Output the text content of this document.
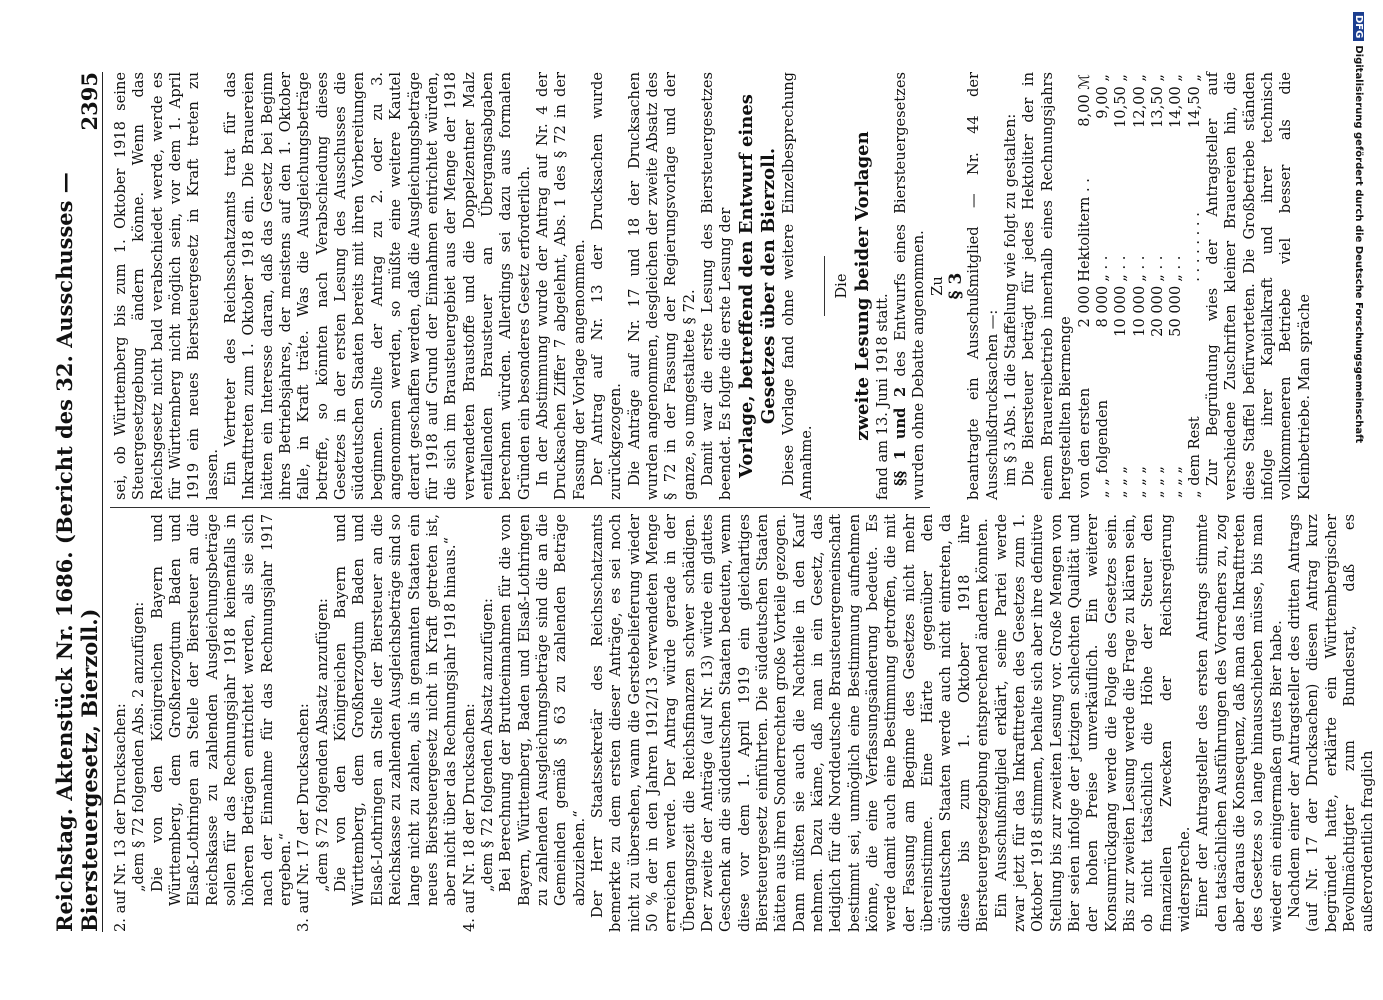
Reichstag. Aktenstück Nr. 1686. (Bericht des 32. Ausschusses — Biersteuergesetz, Bierzoll.)
2395

2. auf Nr. 13 der Drucksachen: „dem § 72 folgenden Abs. 2 anzufügen: Die von den Königreichen Bayern und Württemberg, dem Großherzogtum Baden und Elsaß-Lothringen an Stelle der Biersteuer an die Reichskasse zu zahlenden Ausgleichungsbeträge sollen für das Rechnungsjahr 1918 keinenfalls in höheren Beträgen entrichtet werden, als sie sich nach der Einnahme für das Rechnungsjahr 1917 ergeben.“ 3. auf Nr. 17 der Drucksachen: „dem § 72 folgenden Absatz anzufügen: Die von den Königreichen Bayern und Württemberg, dem Großherzogtum Baden und Elsaß-Lothringen an Stelle der Biersteuer an die Reichskasse zu zahlenden Ausgleichsbeträge sind so lange nicht zu zahlen, als in genannten Staaten ein neues Biersteuergesetz nicht in Kraft getreten ist, aber nicht über das Rechnungsjahr 1918 hinaus.“ 4. auf Nr. 18 der Drucksachen: „dem § 72 folgenden Absatz anzufügen: Bei Berechnung der Bruttoeinnahmen für die von Bayern, Württemberg, Baden und Elsaß-Lothringen zu zahlenden Ausgleichungsbeträge sind die an die Gemeinden gemäß § 63 zu zahlenden Beträge abzuziehen.“ Der Herr Staatssekretär des Reichsschatzamts bemerkte zu dem ersten dieser Anträge, es sei noch nicht zu übersehen, wann die Gerstebelieferung wieder 50 % der in den Jahren 1912/13 verwendeten Menge erreichen werde. Der Antrag würde gerade in der Übergangszeit die Reichsfinanzen schwer schädigen. Der zweite der Anträge (auf Nr. 13) würde ein glattes Geschenk an die süddeutschen Staaten bedeuten, wenn diese vor dem 1. April 1919 ein gleichartiges Biersteuergesetz einführten. Die süddeutschen Staaten hätten aus ihren Sonderrechten große Vorteile gezogen. Dann müßten sie auch die Nachteile in den Kauf nehmen. Dazu käme, daß man in ein Gesetz, das lediglich für die Norddeutsche Brausteuergemeinschaft bestimmt sei, unmöglich eine Bestimmung aufnehmen könne, die eine Verfassungsänderung bedeute. Es werde damit auch eine Bestimmung getroffen, die mit der Fassung am Beginne des Gesetzes nicht mehr übereinstimme. Eine Härte gegenüber den süddeutschen Staaten werde auch nicht eintreten, da diese bis zum 1. Oktober 1918 ihre Biersteuergesetzgebung entsprechend ändern könnten. Ein Ausschußmitglied erklärt, seine Partei werde zwar jetzt für das Inkrafttreten des Gesetzes zum 1. Oktober 1918 stimmen, behalte sich aber ihre definitive Stellung bis zur zweiten Lesung vor. Große Mengen von Bier seien infolge der jetzigen schlechten Qualität und der hohen Preise unverkäuflich. Ein weiterer Konsumrückgang werde die Folge des Gesetzes sein. Bis zur zweiten Lesung werde die Frage zu klären sein, ob nicht tatsächlich die Höhe der Steuer den finanziellen Zwecken der Reichsregierung widerspreche. Einer der Antragsteller des ersten Antrags stimmte den tatsächlichen Ausführungen des Vorredners zu, zog aber daraus die Konsequenz, daß man das Inkrafttreten des Gesetzes so lange hinausschieben müsse, bis man wieder ein einigermaßen gutes Bier habe. Nachdem einer der Antragsteller des dritten Antrags (auf Nr. 17 der Drucksachen) diesen Antrag kurz begründet hatte, erklärte ein Württembergischer Bevollmächtigter zum Bundesrat, daß es außerordentlich fraglich

sei, ob Württemberg bis zum 1. Oktober 1918 seine Steuergesetzgebung ändern könne. Wenn das Reichsgesetz nicht bald verabschiedet werde, werde es für Württemberg nicht möglich sein, vor dem 1. April 1919 ein neues Biersteuergesetz in Kraft treten zu lassen. Ein Vertreter des Reichsschatzamts trat für das Inkrafttreten zum 1. Oktober 1918 ein. Die Brauereien hätten ein Interesse daran, daß das Gesetz bei Beginn ihres Betriebsjahres, der meistens auf den 1. Oktober falle, in Kraft träte. Was die Ausgleichungsbeträge betreffe, so könnten nach Verabschiedung dieses Gesetzes in der ersten Lesung des Ausschusses die süddeutschen Staaten bereits mit ihren Vorbereitungen beginnen. Sollte der Antrag zu 2. oder zu 3. angenommen werden, so müßte eine weitere Kautel derart geschaffen werden, daß die Ausgleichungsbeträge für 1918 auf Grund der Einnahmen entrichtet würden, die sich im Brausteuergebiet aus der Menge der 1918 verwendeten Braustoffe und die Doppelzentner Malz entfallenden Brausteuer an Übergangsabgaben berechnen würden. Allerdings sei dazu aus formalen Gründen ein besonderes Gesetz erforderlich. In der Abstimmung wurde der Antrag auf Nr. 4 der Drucksachen Ziffer 7 abgelehnt, Abs. 1 des § 72 in der Fassung der Vorlage angenommen. Der Antrag auf Nr. 13 der Drucksachen wurde zurückgezogen. Die Anträge auf Nr. 17 und 18 der Drucksachen wurden angenommen, desgleichen der zweite Absatz des § 72 in der Fassung der Regierungsvorlage und der ganze, so umgestaltete § 72. Damit war die erste Lesung des Biersteuergesetzes beendet. Es folgte die erste Lesung der Vorlage, betreffend den Entwurf eines Gesetzes über den Bierzoll. Diese Vorlage fand ohne weitere Einzelbesprechung Annahme.

Die zweite Lesung beider Vorlagen fand am 13. Juni 1918 statt. §§ 1 und 2 des Entwurfs eines Biersteuergesetzes wurden ohne Debatte angenommen. Zu § 3 beantragte ein Ausschußmitglied — Nr. 44 der Ausschußdrucksachen —: im § 3 Abs. 1 die Staffelung wie folgt zu gestalten: Die Biersteuer beträgt für jedes Hektoliter der in einem Brauereibetrieb innerhalb eines Rechnungsjahrs hergestellten Biermenge von den ersten	2 000	Hektolitern . .	8,00 ℳ
„ „ folgenden	8 000	„ . .	9,00 „
„ „ „	10 000	„ . .	10,50 „
„ „ „	10 000	„ . .	12,00 „
„ „ „	20 000	„ . .	13,50 „
„ „ „	50 000	„ . .	14,00 „
„ dem Rest		. . . . . . . .	14,50 „ Zur Begründung wies der Antragsteller auf verschiedene Zuschriften kleiner Brauereien hin, die diese Staffel befürworteten. Die Großbetriebe ständen infolge ihrer Kapitalkraft und ihrer technisch vollkommeneren Betriebe viel besser als die Kleinbetriebe. Man spräche

DFG
Digitalisierung gefördert durch die Deutsche Forschungsgemeinschaft
